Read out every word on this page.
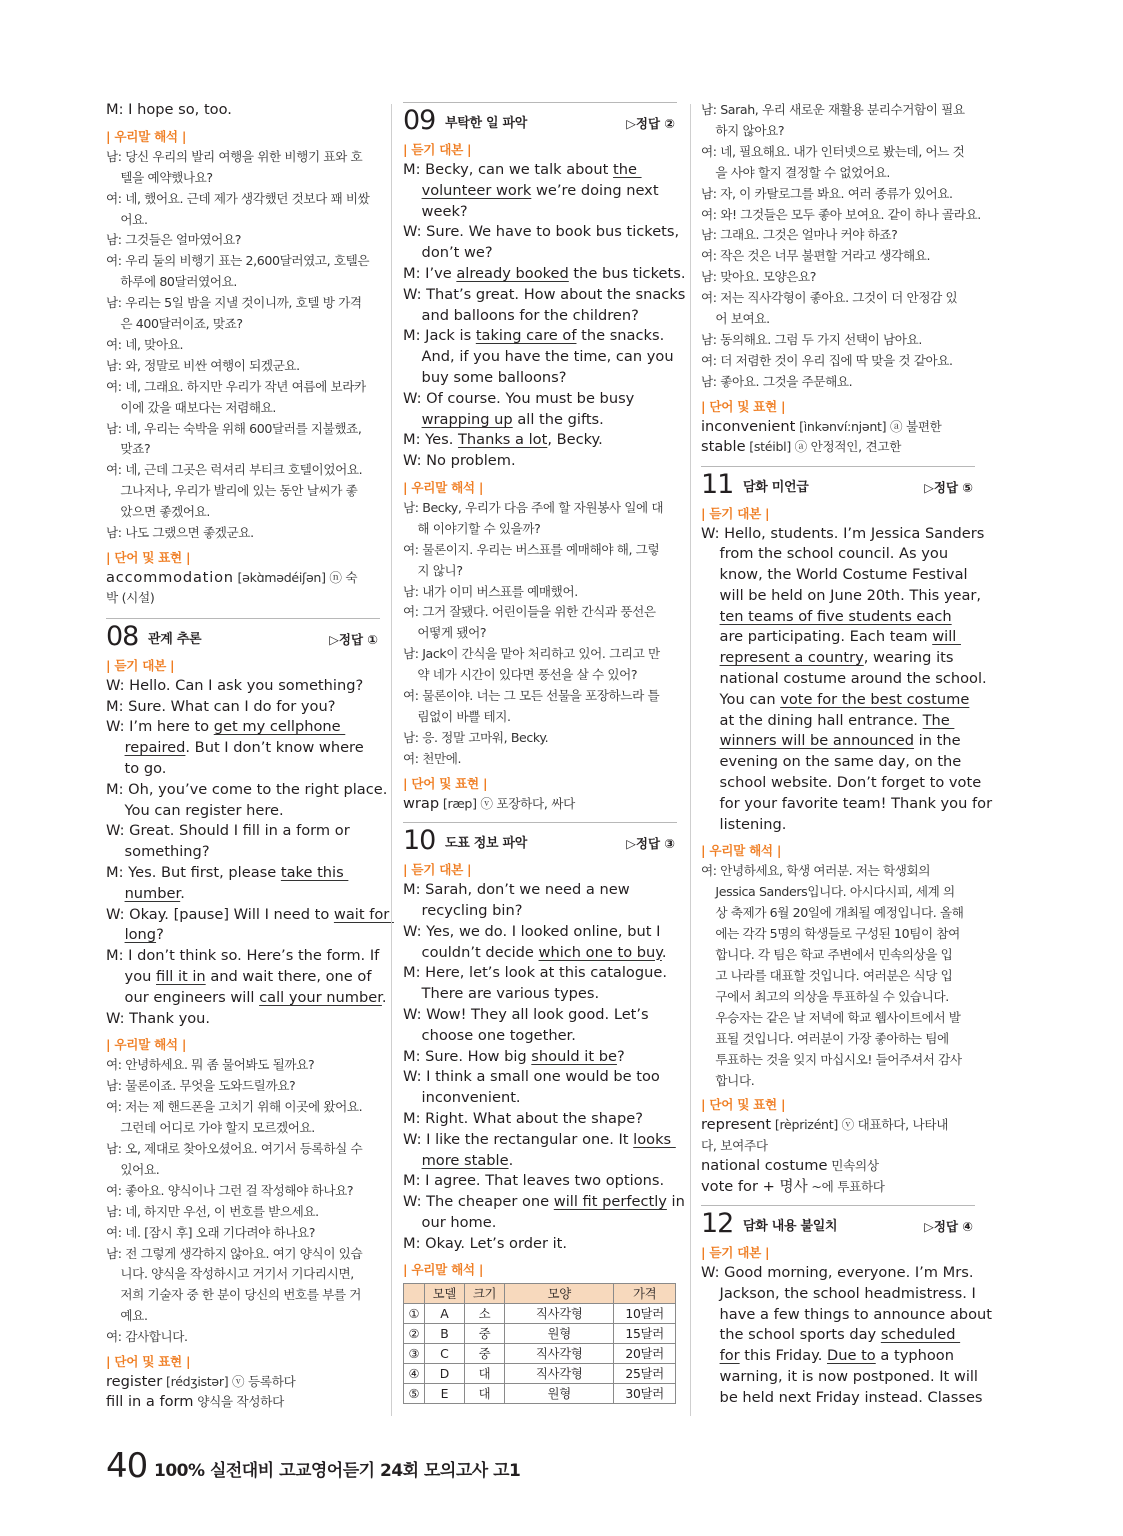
M: I hope so, too.
| 우리말 해석 |
남: 당신 우리의 발리 여행을 위한 비행기 표와 호
텔을 예약했나요?
여: 네, 했어요. 근데 제가 생각했던 것보다 꽤 비쌌
어요.
남: 그것들은 얼마였어요?
여: 우리 둘의 비행기 표는 2,600달러였고, 호텔은
하루에 80달러였어요.
남: 우리는 5일 밤을 지낼 것이니까, 호텔 방 가격
은 400달러이죠, 맞죠?
여: 네, 맞아요.
남: 와, 정말로 비싼 여행이 되겠군요.
여: 네, 그래요. 하지만 우리가 작년 여름에 보라카
이에 갔을 때보다는 저렴해요.
남: 네, 우리는 숙박을 위해 600달러를 지불했죠,
맞죠?
여: 네, 근데 그곳은 럭셔리 부티크 호텔이었어요.
그나저나, 우리가 발리에 있는 동안 날씨가 좋
았으면 좋겠어요.
남: 나도 그랬으면 좋겠군요.
| 단어 및 표현 |
accommodation [əkɑ̀mədéiʃən] ⓝ 숙
박 (시설)
08 관계 추론	▷정답 ①
| 듣기 대본 |
W: Hello. Can I ask you something?
M: Sure. What can I do for you?
W: I’m here to get my cellphone
repaired. But I don’t know where
to go.
M: Oh, you’ve come to the right place.
You can register here.
W: Great. Should I fill in a form or
something?
M: Yes. But first, please take this
number.
W: Okay. [pause] Will I need to wait for
long?
M: I don’t think so. Here’s the form. If
you fill it in and wait there, one of
our engineers will call your number.
W: Thank you.
| 우리말 해석 |
여: 안녕하세요. 뭐 좀 물어봐도 될까요?
남: 물론이죠. 무엇을 도와드릴까요?
여: 저는 제 핸드폰을 고치기 위해 이곳에 왔어요.
그런데 어디로 가야 할지 모르겠어요.
남: 오, 제대로 찾아오셨어요. 여기서 등록하실 수
있어요.
여: 좋아요. 양식이나 그런 걸 작성해야 하나요?
남: 네, 하지만 우선, 이 번호를 받으세요.
여: 네. [잠시 후] 오래 기다려야 하나요?
남: 전 그렇게 생각하지 않아요. 여기 양식이 있습
니다. 양식을 작성하시고 거기서 기다리시면,
저희 기술자 중 한 분이 당신의 번호를 부를 거
예요.
여: 감사합니다.
| 단어 및 표현 |
register [rédʒistər] ⓥ 등록하다
fill in a form 양식을 작성하다
09 부탁한 일 파악	▷정답 ②
| 듣기 대본 |
M: Becky, can we talk about the
volunteer work we’re doing next
week?
W: Sure. We have to book bus tickets,
don’t we?
M: I’ve already booked the bus tickets.
W: That’s great. How about the snacks
and balloons for the children?
M: Jack is taking care of the snacks.
And, if you have the time, can you
buy some balloons?
W: Of course. You must be busy
wrapping up all the gifts.
M: Yes. Thanks a lot, Becky.
W: No problem.
| 우리말 해석 |
남: Becky, 우리가 다음 주에 할 자원봉사 일에 대
해 이야기할 수 있을까?
여: 물론이지. 우리는 버스표를 예매해야 해, 그렇
지 않니?
남: 내가 이미 버스표를 예매했어.
여: 그거 잘됐다. 어린이들을 위한 간식과 풍선은
어떻게 됐어?
남: Jack이 간식을 맡아 처리하고 있어. 그리고 만
약 네가 시간이 있다면 풍선을 살 수 있어?
여: 물론이야. 너는 그 모든 선물을 포장하느라 틀
림없이 바쁠 테지.
남: 응. 정말 고마워, Becky.
여: 천만에.
| 단어 및 표현 |
wrap [ræp] ⓥ 포장하다, 싸다
10 도표 정보 파악	▷정답 ③
| 듣기 대본 |
M: Sarah, don’t we need a new
recycling bin?
W: Yes, we do. I looked online, but I
couldn’t decide which one to buy.
M: Here, let’s look at this catalogue.
There are various types.
W: Wow! They all look good. Let’s
choose one together.
M: Sure. How big should it be?
W: I think a small one would be too
inconvenient.
M: Right. What about the shape?
W: I like the rectangular one. It looks
more stable.
M: I agree. That leaves two options.
W: The cheaper one will fit perfectly in
our home.
M: Okay. Let’s order it.
| 우리말 해석 |
	모델	크기	모양	가격
①	A	소	직사각형	10달러
②	B	중	원형	15달러
③	C	중	직사각형	20달러
④	D	대	직사각형	25달러
⑤	E	대	원형	30달러
남: Sarah, 우리 새로운 재활용 분리수거함이 필요
하지 않아요?
여: 네, 필요해요. 내가 인터넷으로 봤는데, 어느 것
을 사야 할지 결정할 수 없었어요.
남: 자, 이 카탈로그를 봐요. 여러 종류가 있어요.
여: 와! 그것들은 모두 좋아 보여요. 같이 하나 골라요.
남: 그래요. 그것은 얼마나 커야 하죠?
여: 작은 것은 너무 불편할 거라고 생각해요.
남: 맞아요. 모양은요?
여: 저는 직사각형이 좋아요. 그것이 더 안정감 있
어 보여요.
남: 동의해요. 그럼 두 가지 선택이 남아요.
여: 더 저렴한 것이 우리 집에 딱 맞을 것 같아요.
남: 좋아요. 그것을 주문해요.
| 단어 및 표현 |
inconvenient [ìnkənví:njənt] ⓐ 불편한
stable [stéibl] ⓐ 안정적인, 견고한
11 담화 미언급	▷정답 ⑤
| 듣기 대본 |
W: Hello, students. I’m Jessica Sanders
from the school council. As you
know, the World Costume Festival
will be held on June 20th. This year,
ten teams of five students each
are participating. Each team will
represent a country, wearing its
national costume around the school.
You can vote for the best costume
at the dining hall entrance. The
winners will be announced in the
evening on the same day, on the
school website. Don’t forget to vote
for your favorite team! Thank you for
listening.
| 우리말 해석 |
여: 안녕하세요, 학생 여러분. 저는 학생회의
Jessica Sanders입니다. 아시다시피, 세계 의
상 축제가 6월 20일에 개최될 예정입니다. 올해
에는 각각 5명의 학생들로 구성된 10팀이 참여
합니다. 각 팀은 학교 주변에서 민속의상을 입
고 나라를 대표할 것입니다. 여러분은 식당 입
구에서 최고의 의상을 투표하실 수 있습니다.
우승자는 같은 날 저녁에 학교 웹사이트에서 발
표될 것입니다. 여러분이 가장 좋아하는 팀에
투표하는 것을 잊지 마십시오! 들어주셔서 감사
합니다.
| 단어 및 표현 |
represent [rèprizént] ⓥ 대표하다, 나타내
다, 보여주다
national costume 민속의상
vote for + 명사 ~에 투표하다
12 담화 내용 불일치	▷정답 ④
| 듣기 대본 |
W: Good morning, everyone. I’m Mrs.
Jackson, the school headmistress. I
have a few things to announce about
the school sports day scheduled
for this Friday. Due to a typhoon
warning, it is now postponed. It will
be held next Friday instead. Classes
40 100% 실전대비 고교영어듣기 24회 모의고사 고1
